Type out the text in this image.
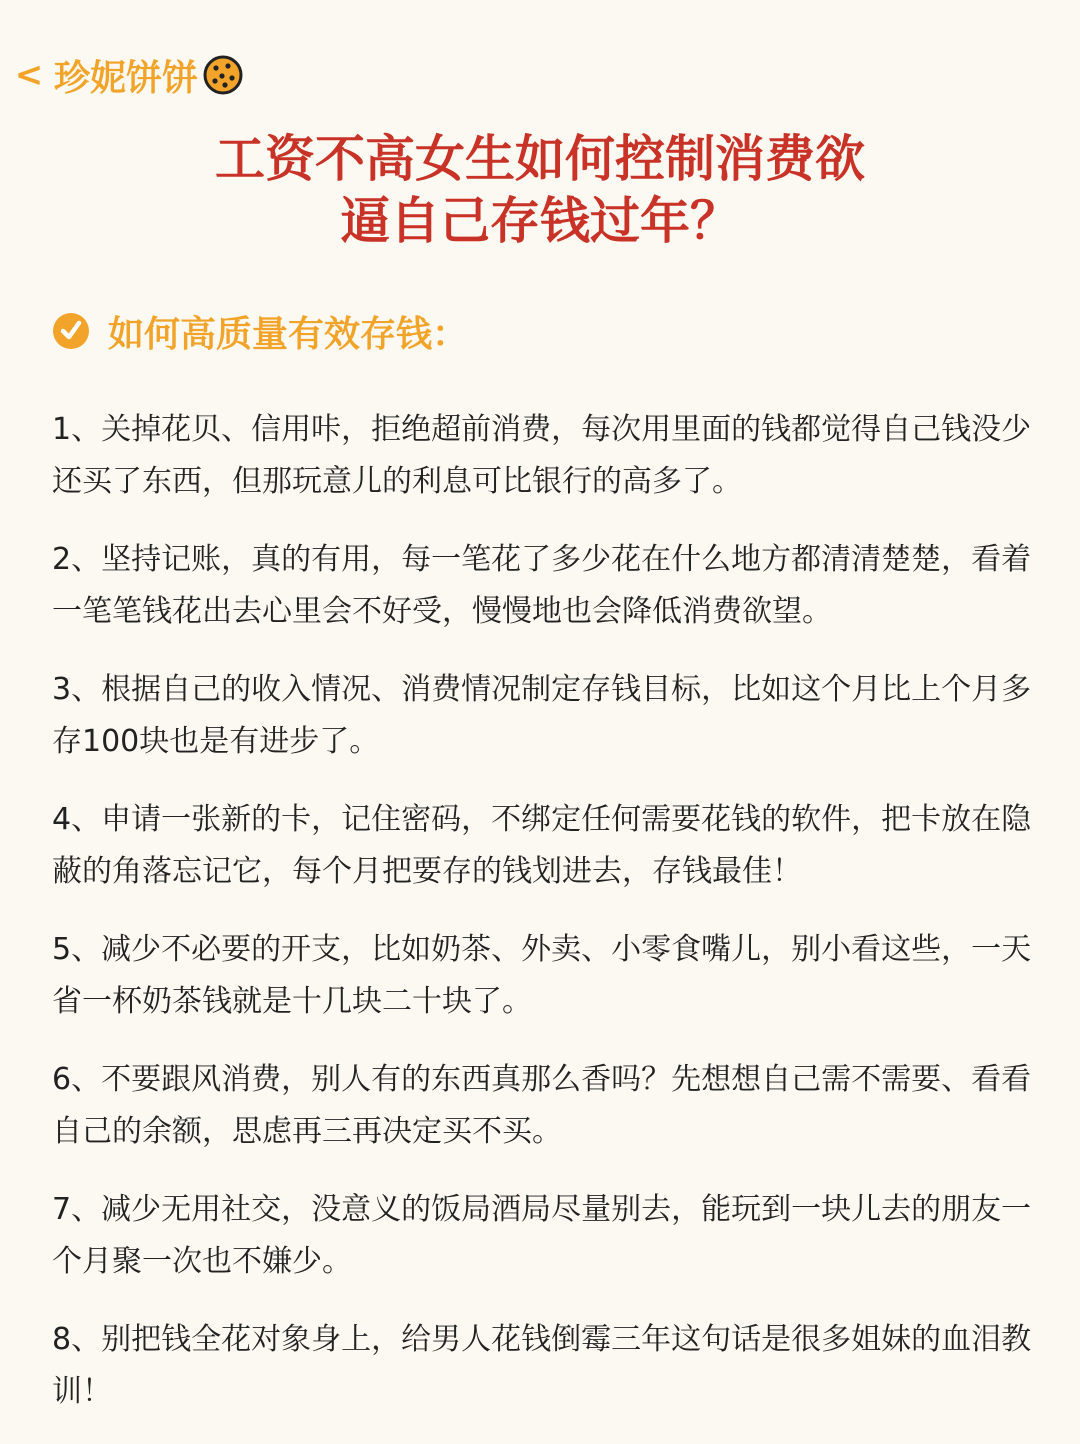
< 珍妮饼饼
工资不高女生如何控制消费欲
逼自己存钱过年？
如何高质量有效存钱：

1、关掉花贝、信用咔，拒绝超前消费，每次用里面的钱都觉得自己钱没少还买了东西，但那玩意儿的利息可比银行的高多了。

2、坚持记账，真的有用，每一笔花了多少花在什么地方都清清楚楚，看着一笔笔钱花出去心里会不好受，慢慢地也会降低消费欲望。

3、根据自己的收入情况、消费情况制定存钱目标，比如这个月比上个月多存100块也是有进步了。

4、申请一张新的卡，记住密码，不绑定任何需要花钱的软件，把卡放在隐蔽的角落忘记它，每个月把要存的钱划进去，存钱最佳！

5、减少不必要的开支，比如奶茶、外卖、小零食嘴儿，别小看这些，一天省一杯奶茶钱就是十几块二十块了。

6、不要跟风消费，别人有的东西真那么香吗？先想想自己需不需要、看看自己的余额，思虑再三再决定买不买。

7、减少无用社交，没意义的饭局酒局尽量别去，能玩到一块儿去的朋友一个月聚一次也不嫌少。

8、别把钱全花对象身上，给男人花钱倒霉三年这句话是很多姐妹的血泪教训！
